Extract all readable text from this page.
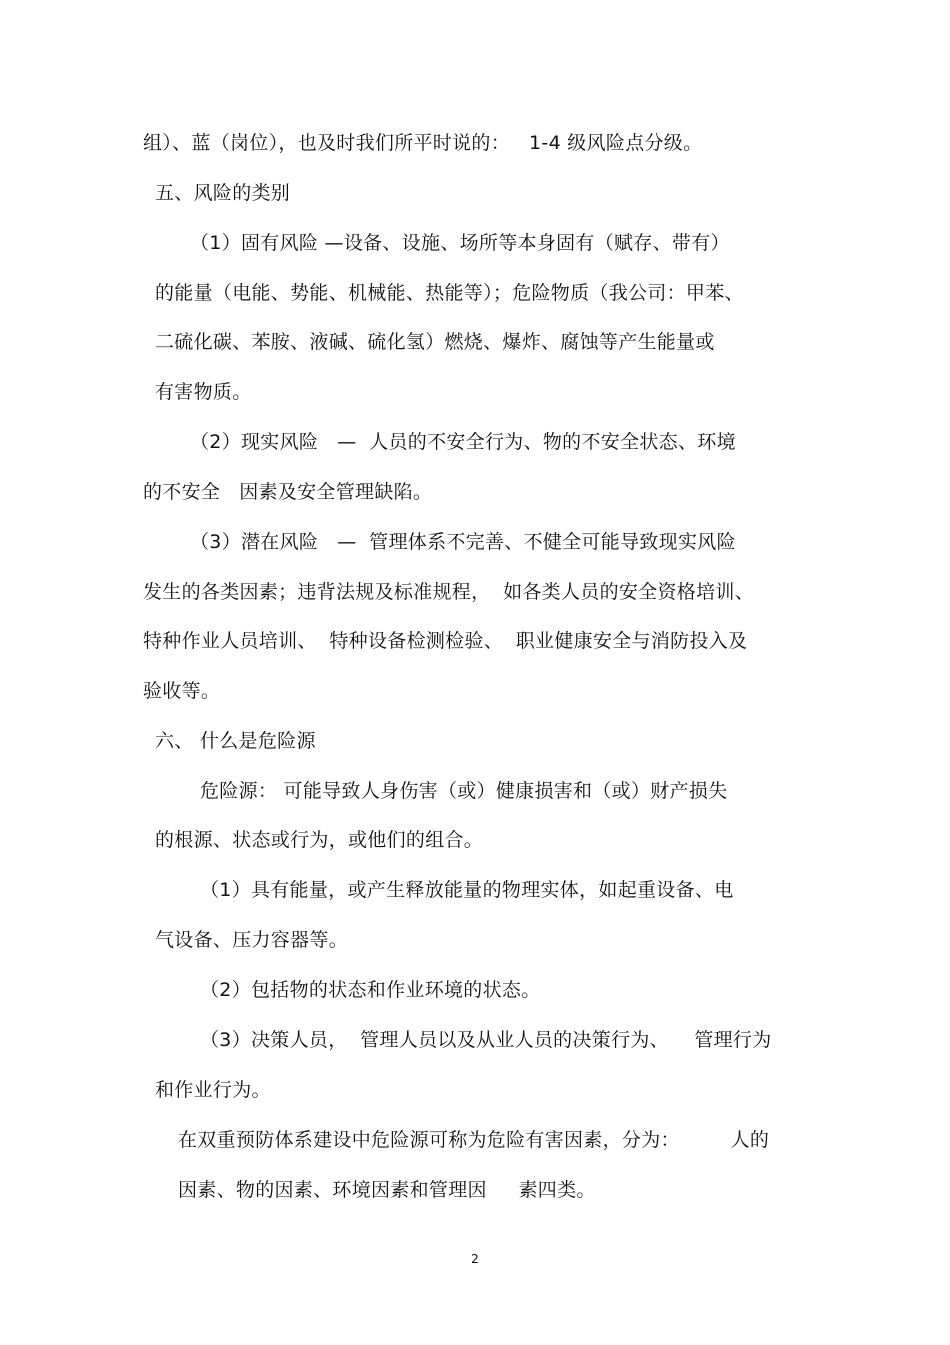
组）、蓝（岗位），也及时我们所平时说的：   1-4 级风险点分级。
五、风险的类别
（1）固有风险 —设备、设施、场所等本身固有（赋存、带有）
的能量（电能、势能、机械能、热能等）；危险物质（我公司：甲苯、
二硫化碳、苯胺、液碱、硫化氢）燃烧、爆炸、腐蚀等产生能量或
有害物质。
（2）现实风险   —  人员的不安全行为、物的不安全状态、环境
的不安全   因素及安全管理缺陷。
（3）潜在风险   —  管理体系不完善、不健全可能导致现实风险
发生的各类因素；违背法规及标准规程，  如各类人员的安全资格培训、
特种作业人员培训、  特种设备检测检验、  职业健康安全与消防投入及
验收等。
六、 什么是危险源
危险源： 可能导致人身伤害（或）健康损害和（或）财产损失
的根源、状态或行为，或他们的组合。
（1）具有能量，或产生释放能量的物理实体，如起重设备、电
气设备、压力容器等。
（2）包括物的状态和作业环境的状态。
（3）决策人员，  管理人员以及从业人员的决策行为、    管理行为
和作业行为。
在双重预防体系建设中危险源可称为危险有害因素，分为：        人的
因素、物的因素、环境因素和管理因     素四类。
2
